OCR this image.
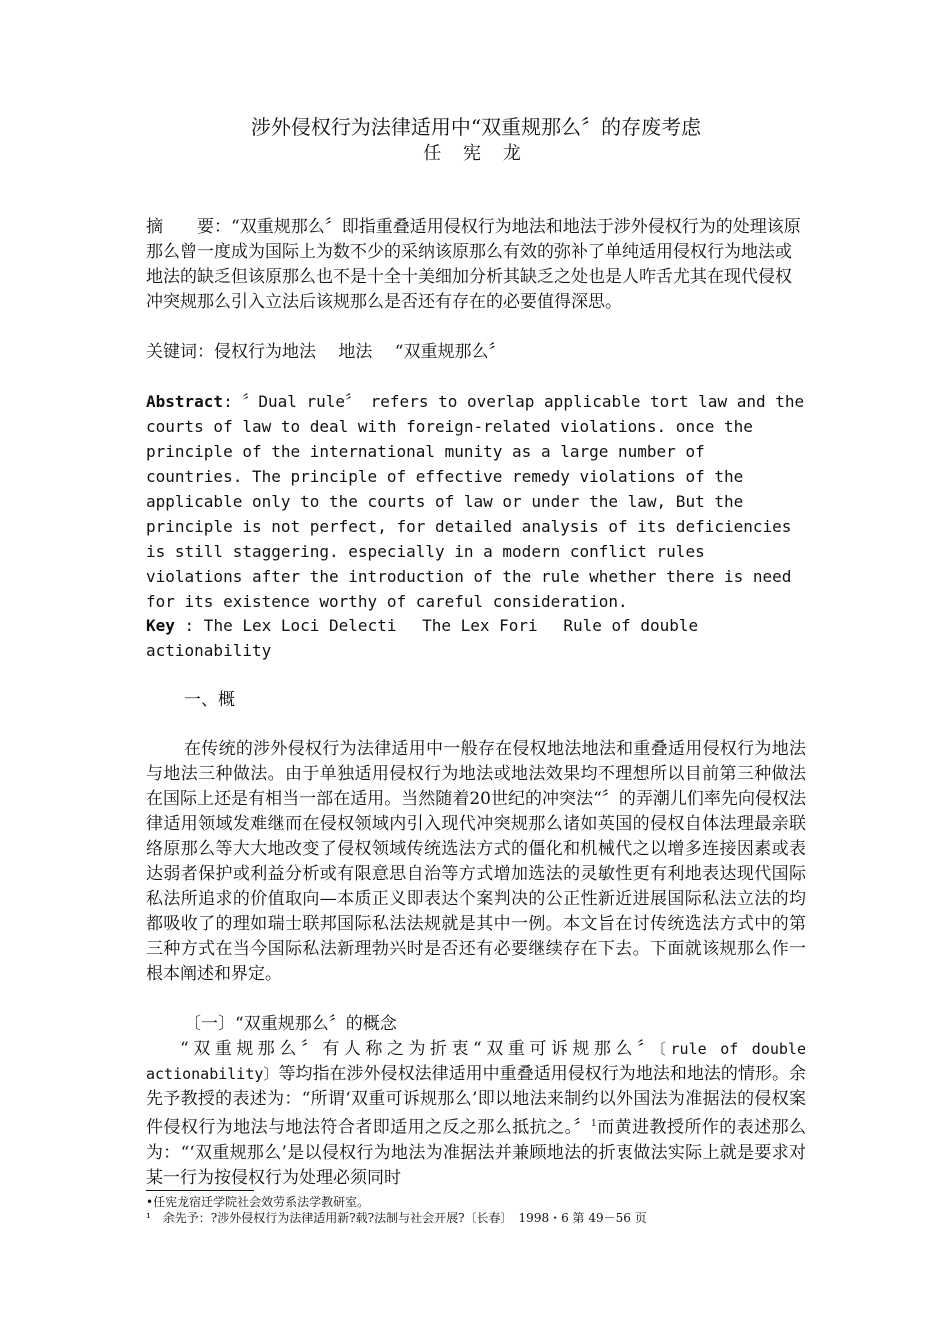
涉外侵权行为法律适用中“双重规那么〞的存废考虑
任 宪 龙
摘　　要：“双重规那么〞即指重叠适用侵权行为地法和地法于涉外侵权行为的处理该原那么曾一度成为国际上为数不少的采纳该原那么有效的弥补了单纯适用侵权行为地法或地法的缺乏但该原那么也不是十全十美细加分析其缺乏之处也是人咋舌尤其在现代侵权冲突规那么引入立法后该规那么是否还有存在的必要值得深思。
关键词：侵权行为地法　 地法　 “双重规那么〞
Abstract: 〞Dual rule〞 refers to overlap applicable tort law and the courts of law to deal with foreign-related violations. once the principle of the international munity as a large number of countries. The principle of effective remedy violations of the applicable only to the courts of law or under the law, But the principle is not perfect, for detailed analysis of its deficiencies is still staggering. especially in a modern conflict rules violations after the introduction of the rule whether there is need for its existence worthy of careful consideration.
Key : The Lex Loci Delecti　 The Lex Fori　 Rule of double actionability
一、概
在传统的涉外侵权行为法律适用中一般存在侵权地法地法和重叠适用侵权行为地法与地法三种做法。由于单独适用侵权行为地法或地法效果均不理想所以目前第三种做法在国际上还是有相当一部在适用。当然随着20世纪的冲突法“〞的弄潮儿们率先向侵权法律适用领域发难继而在侵权领域内引入现代冲突规那么诸如英国的侵权自体法理最亲联络原那么等大大地改变了侵权领域传统选法方式的僵化和机械代之以增多连接因素或表达弱者保护或利益分析或有限意思自治等方式增加选法的灵敏性更有利地表达现代国际私法所追求的价值取向—本质正义即表达个案判决的公正性新近进展国际私法立法的均都吸收了的理如瑞士联邦国际私法法规就是其中一例。本文旨在讨传统选法方式中的第三种方式在当今国际私法新理勃兴时是否还有必要继续存在下去。下面就该规那么作一根本阐述和界定。
〔一〕“双重规那么〞的概念
“双重规那么〞有人称之为折衷“双重可诉规那么〞〔rule of double actionability〕等均指在涉外侵权法律适用中重叠适用侵权行为地法和地法的情形。余先予教授的表述为：“所谓‘双重可诉规那么’即以地法来制约以外国法为准据法的侵权案件侵权行为地法与地法符合者即适用之反之那么抵抗之。〞$^1$而黄进教授所作的表述那么为：“‘双重规那么’是以侵权行为地法为准据法并兼顾地法的折衷做法实际上就是要求对某一行为按侵权行为处理必须同时
•任宪龙宿迁学院社会效劳系法学教研室。
¹　余先予：?涉外侵权行为法律适用新?载?法制与社会开展?〔长春〕　1998・6 第 49－56 页
